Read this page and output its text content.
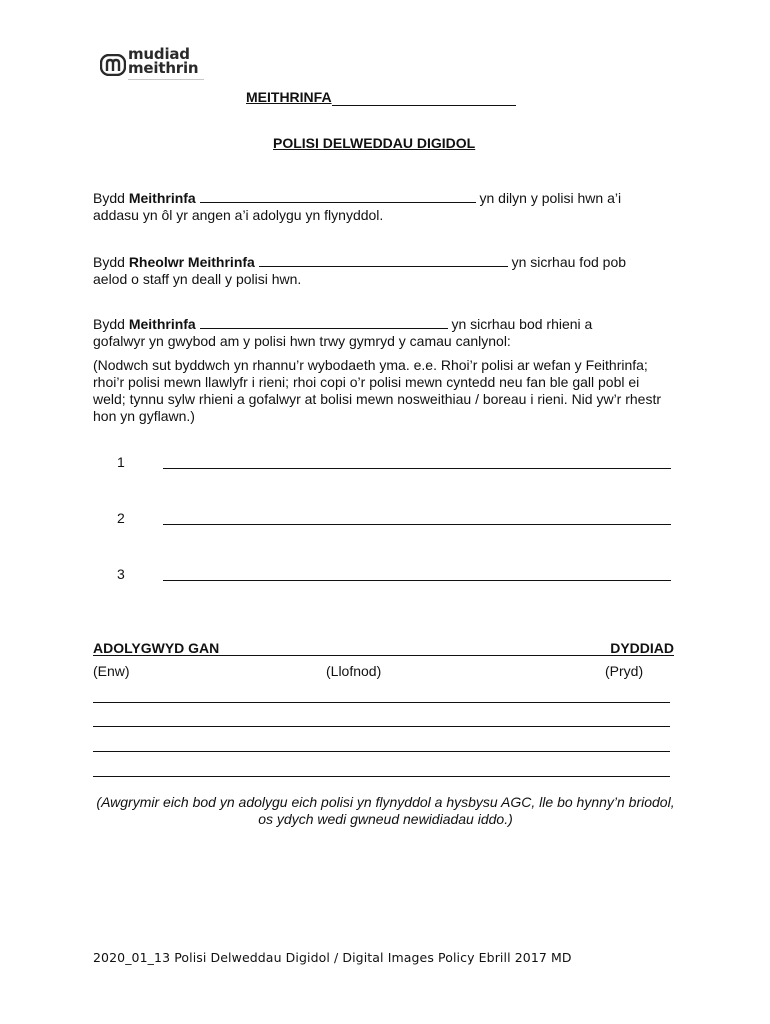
mudiad
meithrin
MEITHRINFA
POLISI DELWEDDAU DIGIDOL
Bydd Meithrinfa	yn dilyn y polisi hwn a’i
addasu yn ôl yr angen a’i adolygu yn flynyddol.
Bydd Rheolwr Meithrinfa	yn sicrhau fod pob
aelod o staff yn deall y polisi hwn.
Bydd Meithrinfa	yn sicrhau bod rhieni a
gofalwyr yn gwybod am y polisi hwn trwy gymryd y camau canlynol:
(Nodwch sut byddwch yn rhannu’r wybodaeth yma. e.e. Rhoi’r polisi ar wefan y Feithrinfa; rhoi’r polisi mewn llawlyfr i rieni; rhoi copi o’r polisi mewn cyntedd neu fan ble gall pobl ei weld; tynnu sylw rhieni a gofalwyr at bolisi mewn nosweithiau / boreau i rieni. Nid yw’r rhestr hon yn gyflawn.)
1
2
3
ADOLYGWYD GAN	DYDDIAD
(Enw)	(Llofnod)	(Pryd)
(Awgrymir eich bod yn adolygu eich polisi yn flynyddol a hysbysu AGC, lle bo hynny’n briodol, os ydych wedi gwneud newidiadau iddo.)
2020_01_13 Polisi Delweddau Digidol / Digital Images Policy Ebrill 2017 MD
